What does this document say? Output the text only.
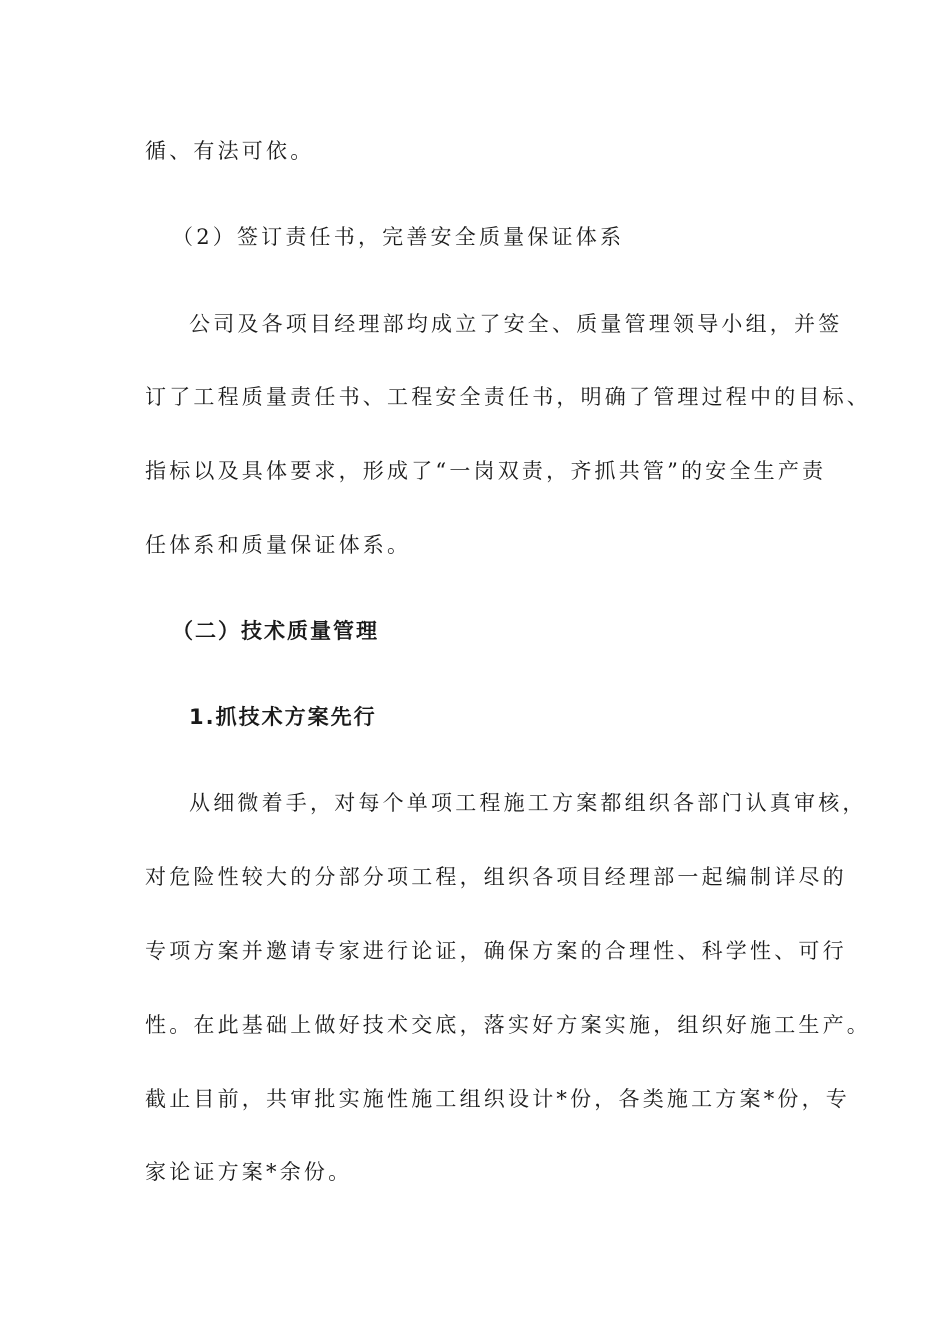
循、有法可依。
（2）签订责任书，完善安全质量保证体系
公司及各项目经理部均成立了安全、质量管理领导小组，并签
订了工程质量责任书、工程安全责任书，明确了管理过程中的目标、
指标以及具体要求，形成了“一岗双责，齐抓共管”的安全生产责
任体系和质量保证体系。
（二）技术质量管理
1.抓技术方案先行
从细微着手，对每个单项工程施工方案都组织各部门认真审核，
对危险性较大的分部分项工程，组织各项目经理部一起编制详尽的
专项方案并邀请专家进行论证，确保方案的合理性、科学性、可行
性。在此基础上做好技术交底，落实好方案实施，组织好施工生产。
截止目前，共审批实施性施工组织设计*份，各类施工方案*份，专
家论证方案*余份。
